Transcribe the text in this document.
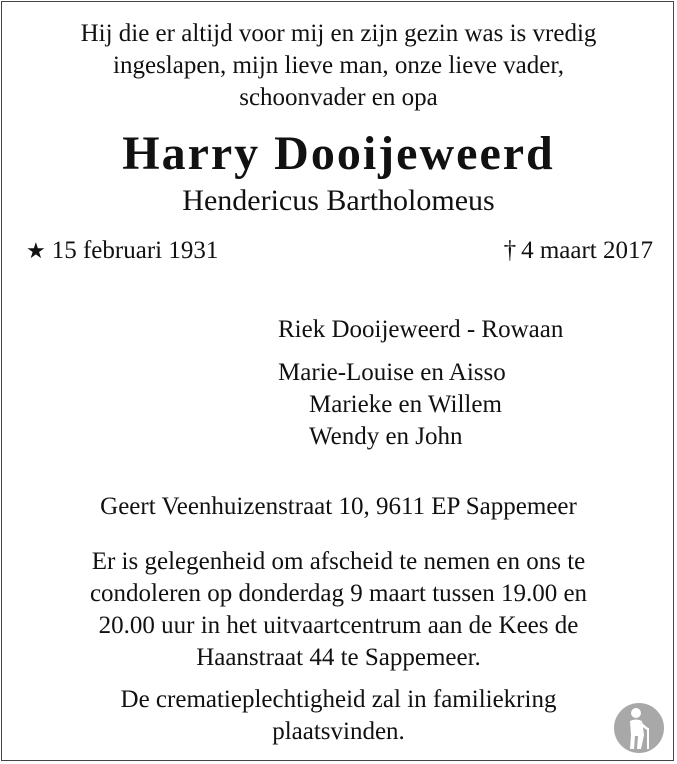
Hij die er altijd voor mij en zijn gezin was is vredig
ingeslapen, mijn lieve man, onze lieve vader,
schoonvader en opa
Harry Dooijeweerd
Hendericus Bartholomeus
★ 15 februari 1931	† 4 maart 2017
Riek Dooijeweerd - Rowaan
Marie-Louise en Aisso
Marieke en Willem
Wendy en John
Geert Veenhuizenstraat 10, 9611 EP Sappemeer
Er is gelegenheid om afscheid te nemen en ons te
condoleren op donderdag 9 maart tussen 19.00 en
20.00 uur in het uitvaartcentrum aan de Kees de
Haanstraat 44 te Sappemeer.
De crematieplechtigheid zal in familiekring
plaatsvinden.
